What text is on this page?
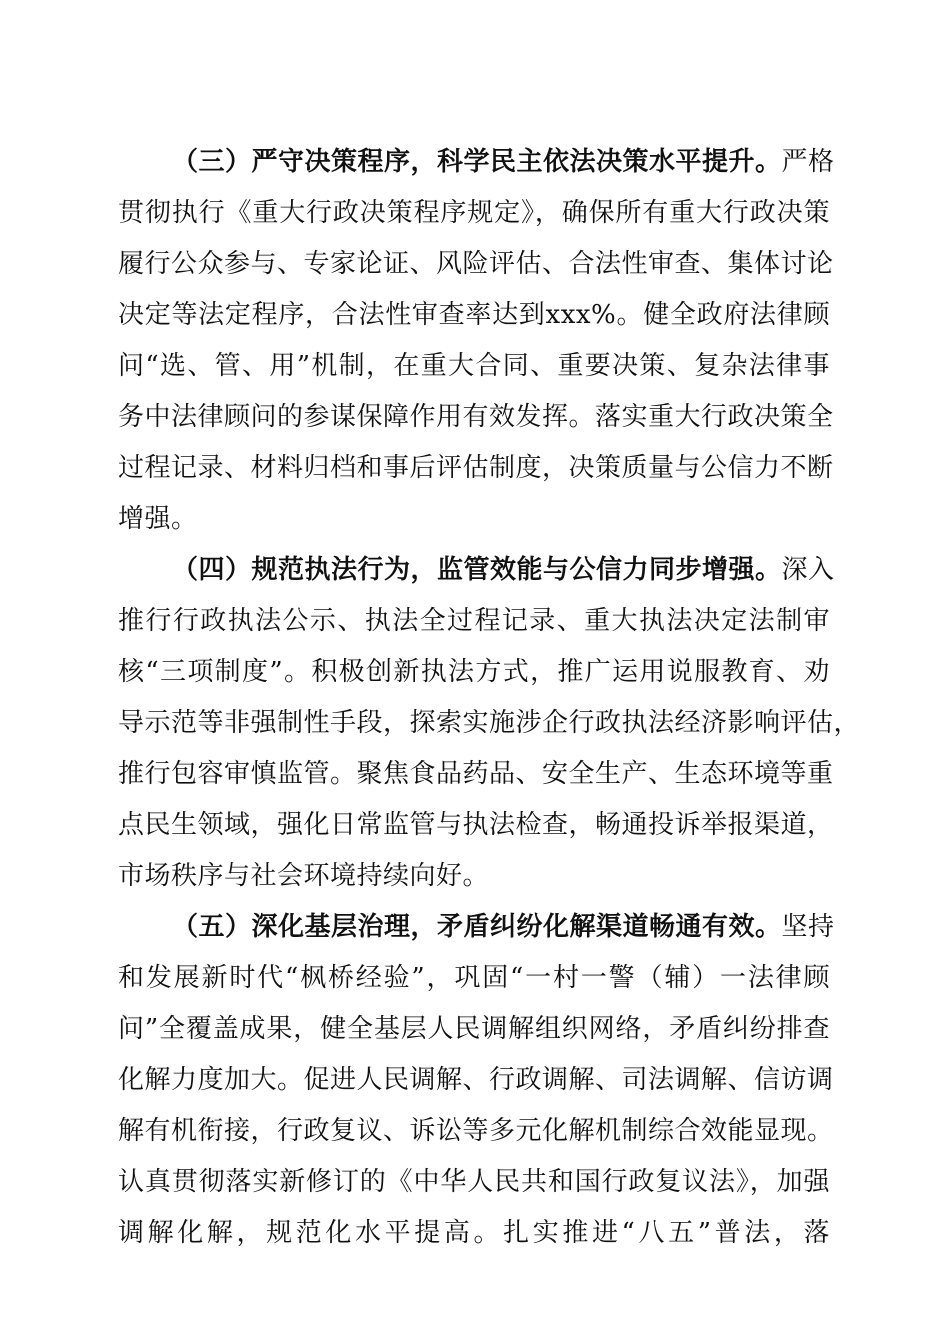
（三）严守决策程序，科学民主依法决策水平提升。严格
贯彻执行《重大行政决策程序规定》，确保所有重大行政决策
履行公众参与、专家论证、风险评估、合法性审查、集体讨论
决定等法定程序，合法性审查率达到xxx%。健全政府法律顾
问“选、管、用”机制，在重大合同、重要决策、复杂法律事
务中法律顾问的参谋保障作用有效发挥。落实重大行政决策全
过程记录、材料归档和事后评估制度，决策质量与公信力不断
增强。
（四）规范执法行为，监管效能与公信力同步增强。深入
推行行政执法公示、执法全过程记录、重大执法决定法制审
核“三项制度”。积极创新执法方式，推广运用说服教育、劝
导示范等非强制性手段，探索实施涉企行政执法经济影响评估，
推行包容审慎监管。聚焦食品药品、安全生产、生态环境等重
点民生领域，强化日常监管与执法检查，畅通投诉举报渠道，
市场秩序与社会环境持续向好。
（五）深化基层治理，矛盾纠纷化解渠道畅通有效。坚持
和发展新时代“枫桥经验”，巩固“一村一警（辅）一法律顾
问”全覆盖成果，健全基层人民调解组织网络，矛盾纠纷排查
化解力度加大。促进人民调解、行政调解、司法调解、信访调
解有机衔接，行政复议、诉讼等多元化解机制综合效能显现。
认真贯彻落实新修订的《中华人民共和国行政复议法》，加强
调解化解，规范化水平提高。扎实推进“八五”普法，落
